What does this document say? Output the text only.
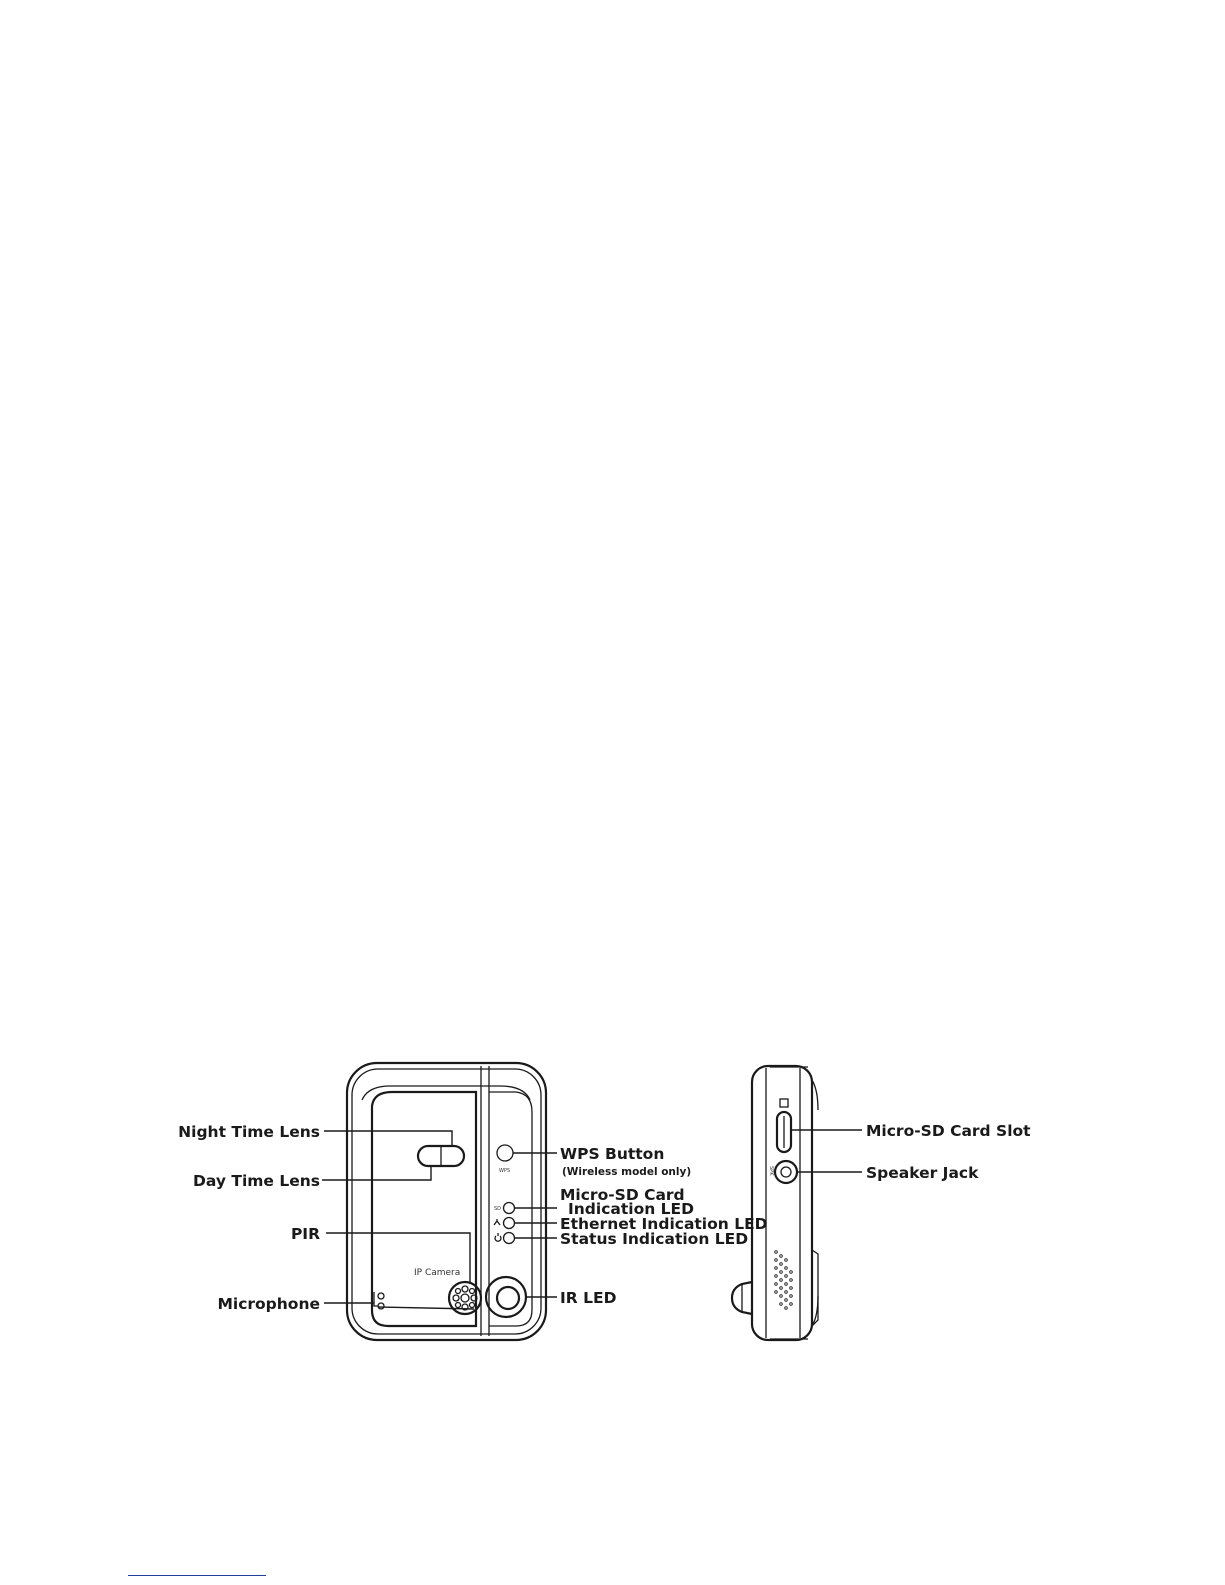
WPS
SD
IP Camera
SPK
Night Time Lens
Day Time Lens
PIR
Microphone
WPS Button
(Wireless model only)
Micro-SD Card
Indication LED
Ethernet Indication LED
Status Indication LED
IR LED
Micro-SD Card Slot
Speaker Jack
